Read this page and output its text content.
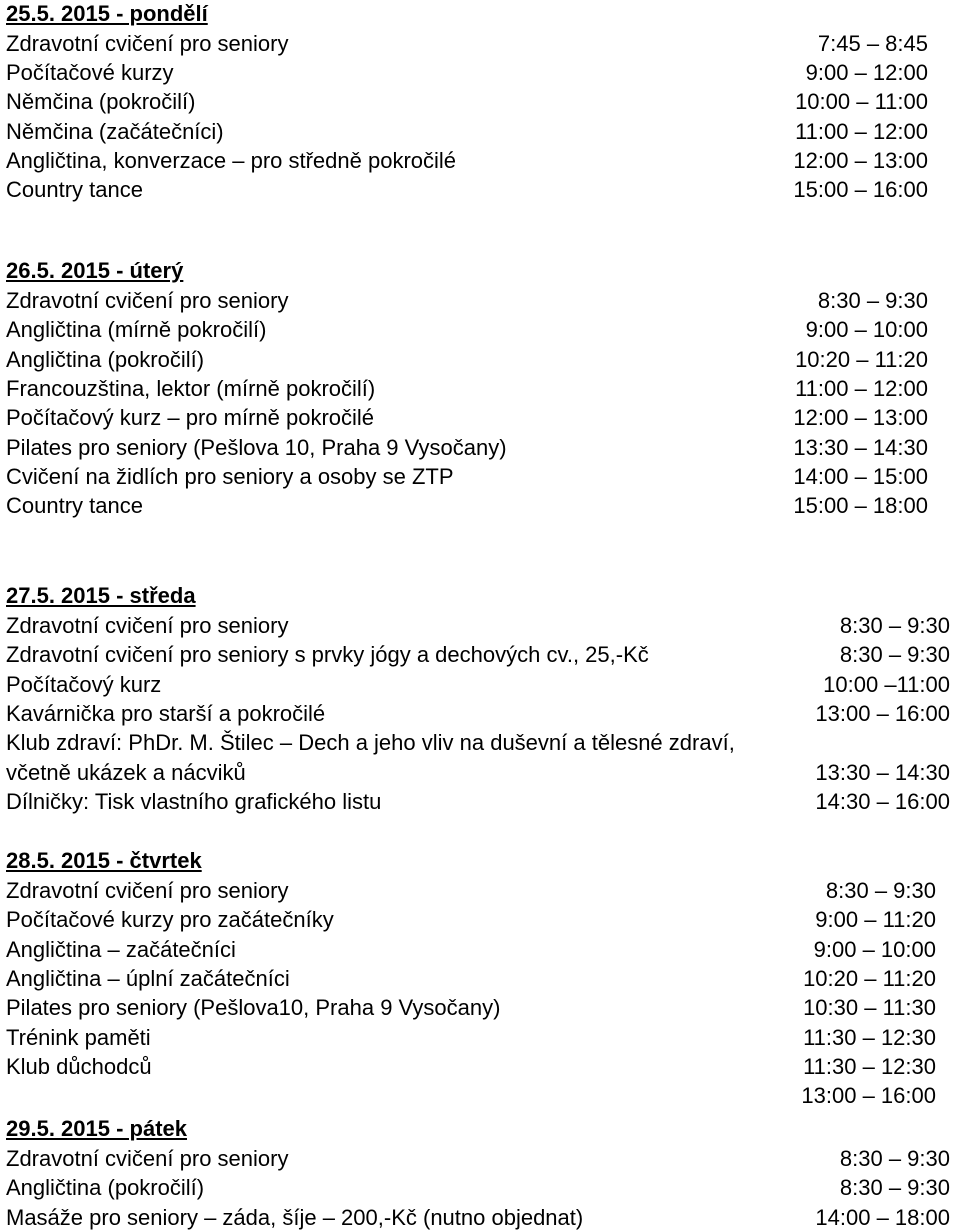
25.5. 2015 - pondělí
Zdravotní cvičení pro seniory	7:45 – 8:45
Počítačové kurzy	9:00 – 12:00
Němčina (pokročilí)	10:00 – 11:00
Němčina (začátečníci)	11:00 – 12:00
Angličtina, konverzace – pro středně pokročilé	12:00 – 13:00
Country tance	15:00 – 16:00
26.5. 2015 - úterý
Zdravotní cvičení pro seniory	8:30 – 9:30
Angličtina (mírně pokročilí)	9:00 – 10:00
Angličtina (pokročilí)	10:20 – 11:20
Francouzština, lektor (mírně pokročilí)	11:00 – 12:00
Počítačový kurz – pro mírně pokročilé	12:00 – 13:00
Pilates pro seniory (Pešlova 10, Praha 9 Vysočany)	13:30 – 14:30
Cvičení na židlích pro seniory a osoby se ZTP	14:00 – 15:00
Country tance	15:00 – 18:00
27.5. 2015 - středa
Zdravotní cvičení pro seniory	8:30 – 9:30
Zdravotní cvičení pro seniory s prvky jógy a dechových cv., 25,-Kč	8:30 – 9:30
Počítačový kurz	10:00 –11:00
Kavárnička pro starší a pokročilé	13:00 – 16:00
Klub zdraví: PhDr. M. Štilec – Dech a jeho vliv na duševní a tělesné zdraví,
včetně ukázek a nácviků	13:30 – 14:30
Dílničky: Tisk vlastního grafického listu	14:30 – 16:00
28.5. 2015 - čtvrtek
Zdravotní cvičení pro seniory	8:30 – 9:30
Počítačové kurzy pro začátečníky	9:00 – 11:20
Angličtina – začátečníci	9:00 – 10:00
Angličtina – úplní začátečníci	10:20 – 11:20
Pilates pro seniory (Pešlova10, Praha 9 Vysočany)	10:30 – 11:30
Trénink paměti	11:30 – 12:30
Klub důchodců	11:30 – 12:30
13:00 – 16:00
29.5. 2015 - pátek
Zdravotní cvičení pro seniory	8:30 – 9:30
Angličtina (pokročilí)	8:30 – 9:30
Masáže pro seniory – záda, šíje – 200,-Kč (nutno objednat)	14:00 – 18:00
